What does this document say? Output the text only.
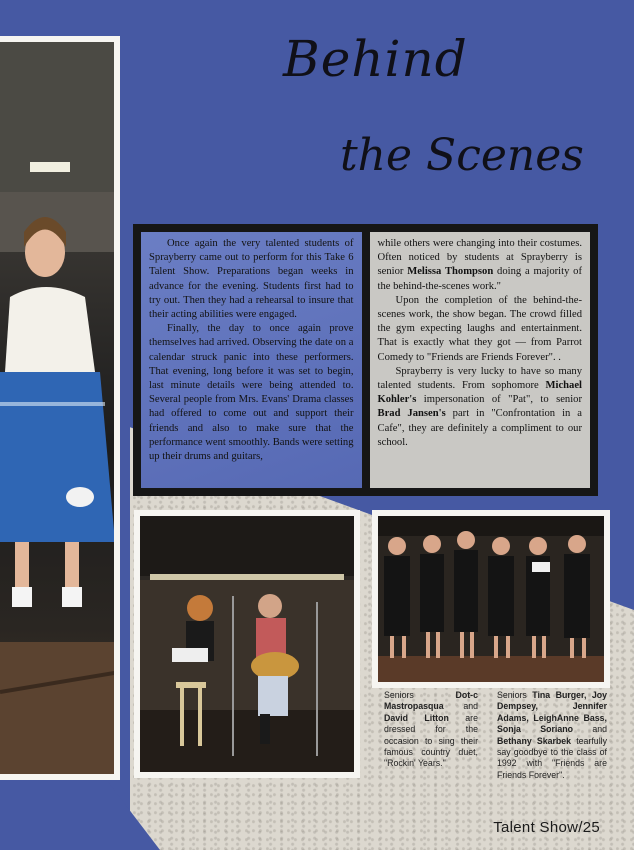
Behind
the Scenes

Once again the very talented students of Sprayberry came out to perform for this Take 6 Talent Show. Preparations began weeks in advance for the evening. Students first had to try out. Then they had a rehearsal to insure that their acting abilities were engaged.

Finally, the day to once again prove themselves had arrived. Observing the date on a calendar struck panic into these performers. That evening, long before it was set to begin, last minute details were being attended to. Several people from Mrs. Evans' Drama classes had offered to come out and support their friends and also to make sure that the performance went smoothly. Bands were setting up their drums and guitars,

while others were changing into their costumes. Often noticed by students at Sprayberry is senior Melissa Thompson doing a majority of the behind-the-scenes work."

Upon the completion of the behind-the-scenes work, the show began. The crowd filled the gym expecting laughs and entertainment. That is exactly what they got — from Parrot Comedy to "Friends are Friends Forever". .

Sprayberry is very lucky to have so many talented students. From sophomore Michael Kohler's impersonation of "Pat", to senior Brad Jansen's part in "Confrontation in a Cafe", they are definitely a compliment to our school.

Seniors Dot-c Mastropasqua and David Litton are dressed for the occasion to sing their famous country duet, "Rockin' Years."
Seniors Tina Burger, Joy Dempsey, Jennifer Adams, LeighAnne Bass, Sonja Soriano and Bethany Skarbek tearfully say goodbye to the class of 1992 with "Friends are Friends Forever".
Talent Show/25
